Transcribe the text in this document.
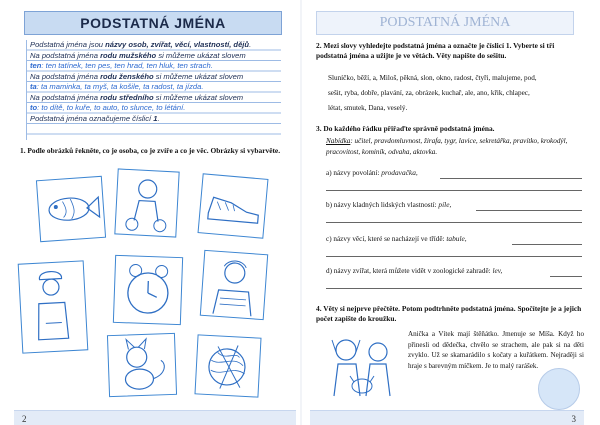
PODSTATNÁ JMÉNA
Podstatná jména jsou názvy osob, zvířat, věcí, vlastností, dějů.
Na podstatná jména rodu mužského si můžeme ukázat slovem
ten: ten tatínek, ten pes, ten hrad, ten hluk, ten strach.
Na podstatná jména rodu ženského si můžeme ukázat slovem
ta: ta maminka, ta myš, ta košile, ta radost, ta jízda.
Na podstatná jména rodu středního si můžeme ukázat slovem
to: to dítě, to kuře, to auto, to slunce, to létání.
Podstatná jména označujeme číslicí 1.
1. Podle obrázků řekněte, co je osoba, co je zvíře a co je věc. Obrázky si vybarvěte.
2
PODSTATNÁ JMÉNA
2. Mezi slovy vyhledejte podstatná jména a označte je číslicí 1. Vyberte si tři podstatná jména a užijte je ve větách. Věty napište do sešitu.
Sluníčko, běží, a, Miloš, pěkná, slon, okno, radost, čtyři, malujeme, pod,
sešit, ryba, dobře, plavání, za, obrázek, kuchař, ale, ano, křik, chlapec,
létat, smutek, Dana, veselý.
3. Do každého řádku přiřaďte správně podstatná jména.
Nabídka: učitel, pravdomluvnost, žirafa, tygr, lavice, sekretářka, pravítko, krokodýl, pracovitost, kominík, odvaha, aktovka.
a) názvy povolání: prodavačka,
b) názvy kladných lidských vlastností: píle,
c) názvy věcí, které se nacházejí ve třídě: tabule,
d) názvy zvířat, která můžete vidět v zoologické zahradě: lev,
4. Věty si nejprve přečtěte. Potom podtrhněte podstatná jména. Spočítejte je a jejich počet zapište do kroužku.
Anička a Vítek mají štěňátko. Jmenuje se Míša. Když ho přinesli od dědečka, chvělo se strachem, ale pak si na děti zvyklo. Už se skamarádilo s kočaty a kuřátkem. Nejraději si hraje s barevným míčkem. Je to malý rarášek.
3
